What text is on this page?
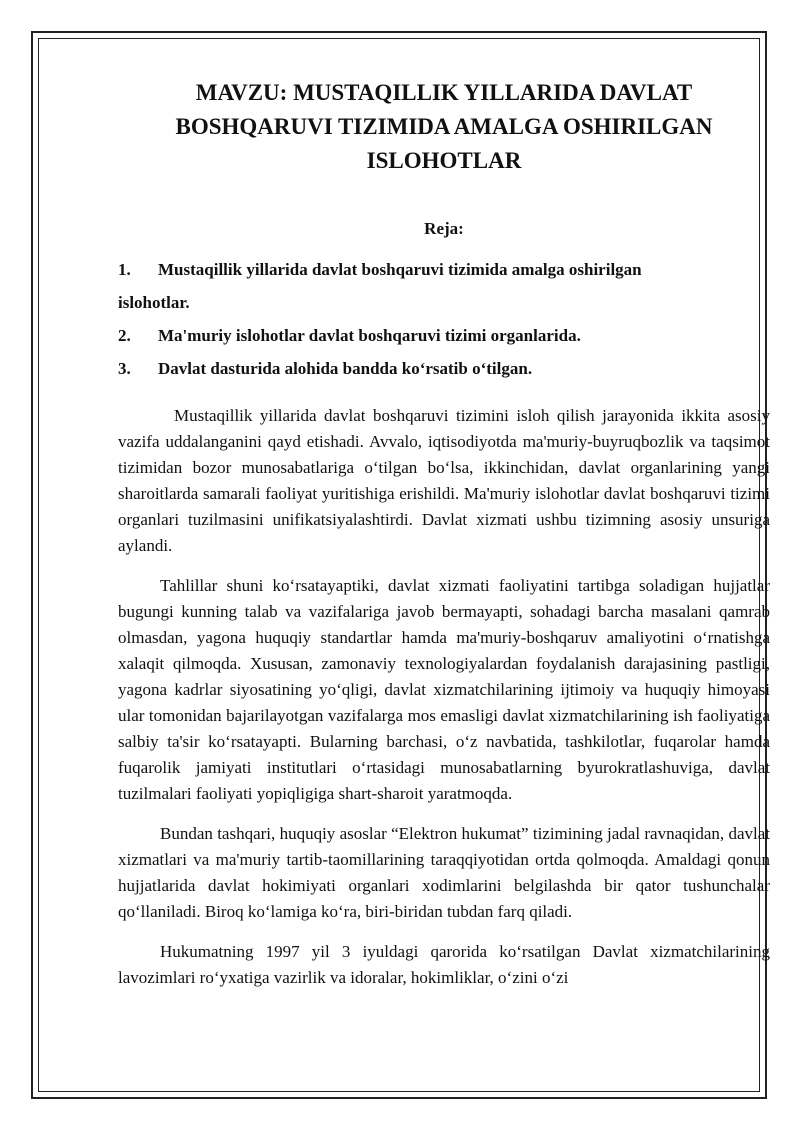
MAVZU: MUSTAQILLIK YILLARIDA DAVLAT BOSHQARUVI TIZIMIDA AMALGA OSHIRILGAN ISLOHOTLAR
Reja:
1. Mustaqillik yillarida davlat boshqaruvi tizimida amalga oshirilgan
islohotlar.
2. Ma'muriy islohotlar davlat boshqaruvi tizimi organlarida.
3. Davlat dasturida alohida bandda ko‘rsatib o‘tilgan.

Mustaqillik yillarida davlat boshqaruvi tizimini isloh qilish jarayonida ikkita asosiy vazifa uddalanganini qayd etishadi. Avvalo, iqtisodiyotda ma'muriy-buyruqbozlik va taqsimot tizimidan bozor munosabatlariga o‘tilgan bo‘lsa, ikkinchidan, davlat organlarining yangi sharoitlarda samarali faoliyat yuritishiga erishildi. Ma'muriy islohotlar davlat boshqaruvi tizimi organlari tuzilmasini unifikatsiyalashtirdi. Davlat xizmati ushbu tizimning asosiy unsuriga aylandi.

Tahlillar shuni ko‘rsatayaptiki, davlat xizmati faoliyatini tartibga soladigan hujjatlar bugungi kunning talab va vazifalariga javob bermayapti, sohadagi barcha masalani qamrab olmasdan, yagona huquqiy standartlar hamda ma'muriy-boshqaruv amaliyotini o‘rnatishga xalaqit qilmoqda. Xususan, zamonaviy texnologiyalardan foydalanish darajasining pastligi, yagona kadrlar siyosatining yo‘qligi, davlat xizmatchilarining ijtimoiy va huquqiy himoyasi ular tomonidan bajarilayotgan vazifalarga mos emasligi davlat xizmatchilarining ish faoliyatiga salbiy ta'sir ko‘rsatayapti. Bularning barchasi, o‘z navbatida, tashkilotlar, fuqarolar hamda fuqarolik jamiyati institutlari o‘rtasidagi munosabatlarning byurokratlashuviga, davlat tuzilmalari faoliyati yopiqligiga shart-sharoit yaratmoqda.

Bundan tashqari, huquqiy asoslar “Elektron hukumat” tizimining jadal ravnaqidan, davlat xizmatlari va ma'muriy tartib-taomillarining taraqqiyotidan ortda qolmoqda. Amaldagi qonun hujjatlarida davlat hokimiyati organlari xodimlarini belgilashda bir qator tushunchalar qo‘llaniladi. Biroq ko‘lamiga ko‘ra, biri-biridan tubdan farq qiladi.

Hukumatning 1997 yil 3 iyuldagi qarorida ko‘rsatilgan Davlat xizmatchilarining lavozimlari ro‘yxatiga vazirlik va idoralar, hokimliklar, o‘zini o‘zi
